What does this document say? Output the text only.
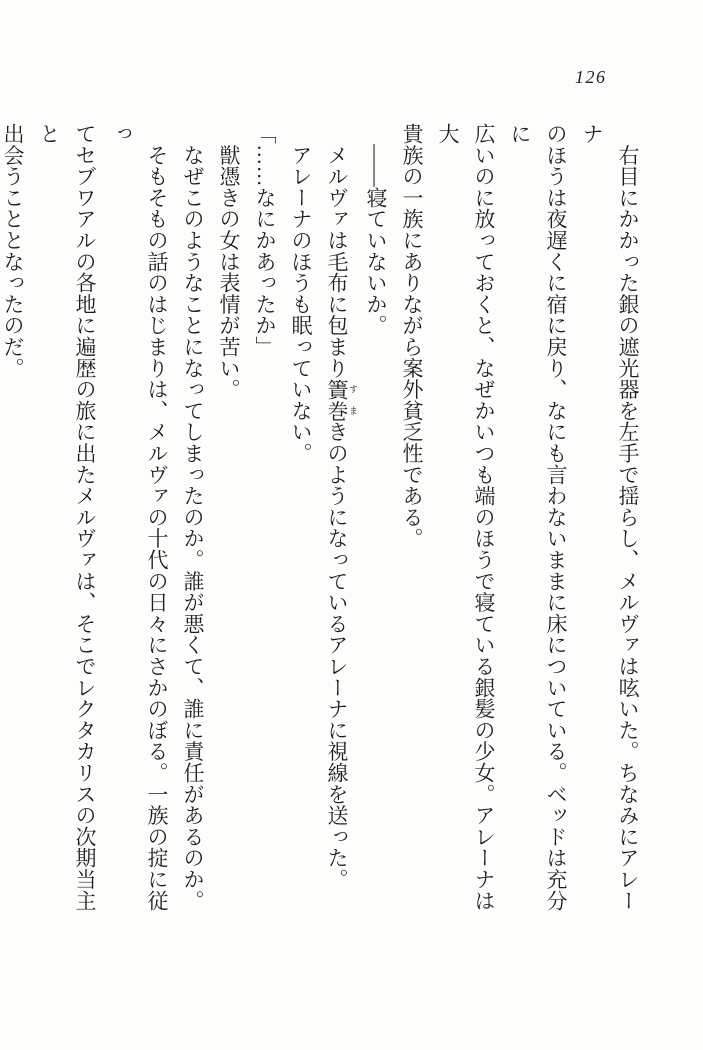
126
　右目にかかった銀の遮光器を左手で揺らし、メルヴァは呟いた。ちなみにアレーナ
のほうは夜遅くに宿に戻り、なにも言わないままに床についている。ベッドは充分に
広いのに放っておくと、なぜかいつも端のほうで寝ている銀髪の少女。アレーナは大
貴族の一族にありながら案外貧乏性である。
　――寝ていないか。
　メルヴァは毛布に包まり簀巻 すまきのようになっているアレーナに視線を送った。
　アレーナのほうも眠っていない。
「……なにかあったか」
　獣憑きの女は表情が苦い。
　なぜこのようなことになってしまったのか。誰が悪くて、誰に責任があるのか。
　そもそもの話のはじまりは、メルヴァの十代の日々にさかのぼる。一族の掟に従っ
てセブワアルの各地に遍歴の旅に出たメルヴァは、そこでレクタカリスの次期当主と
出会うこととなったのだ。
